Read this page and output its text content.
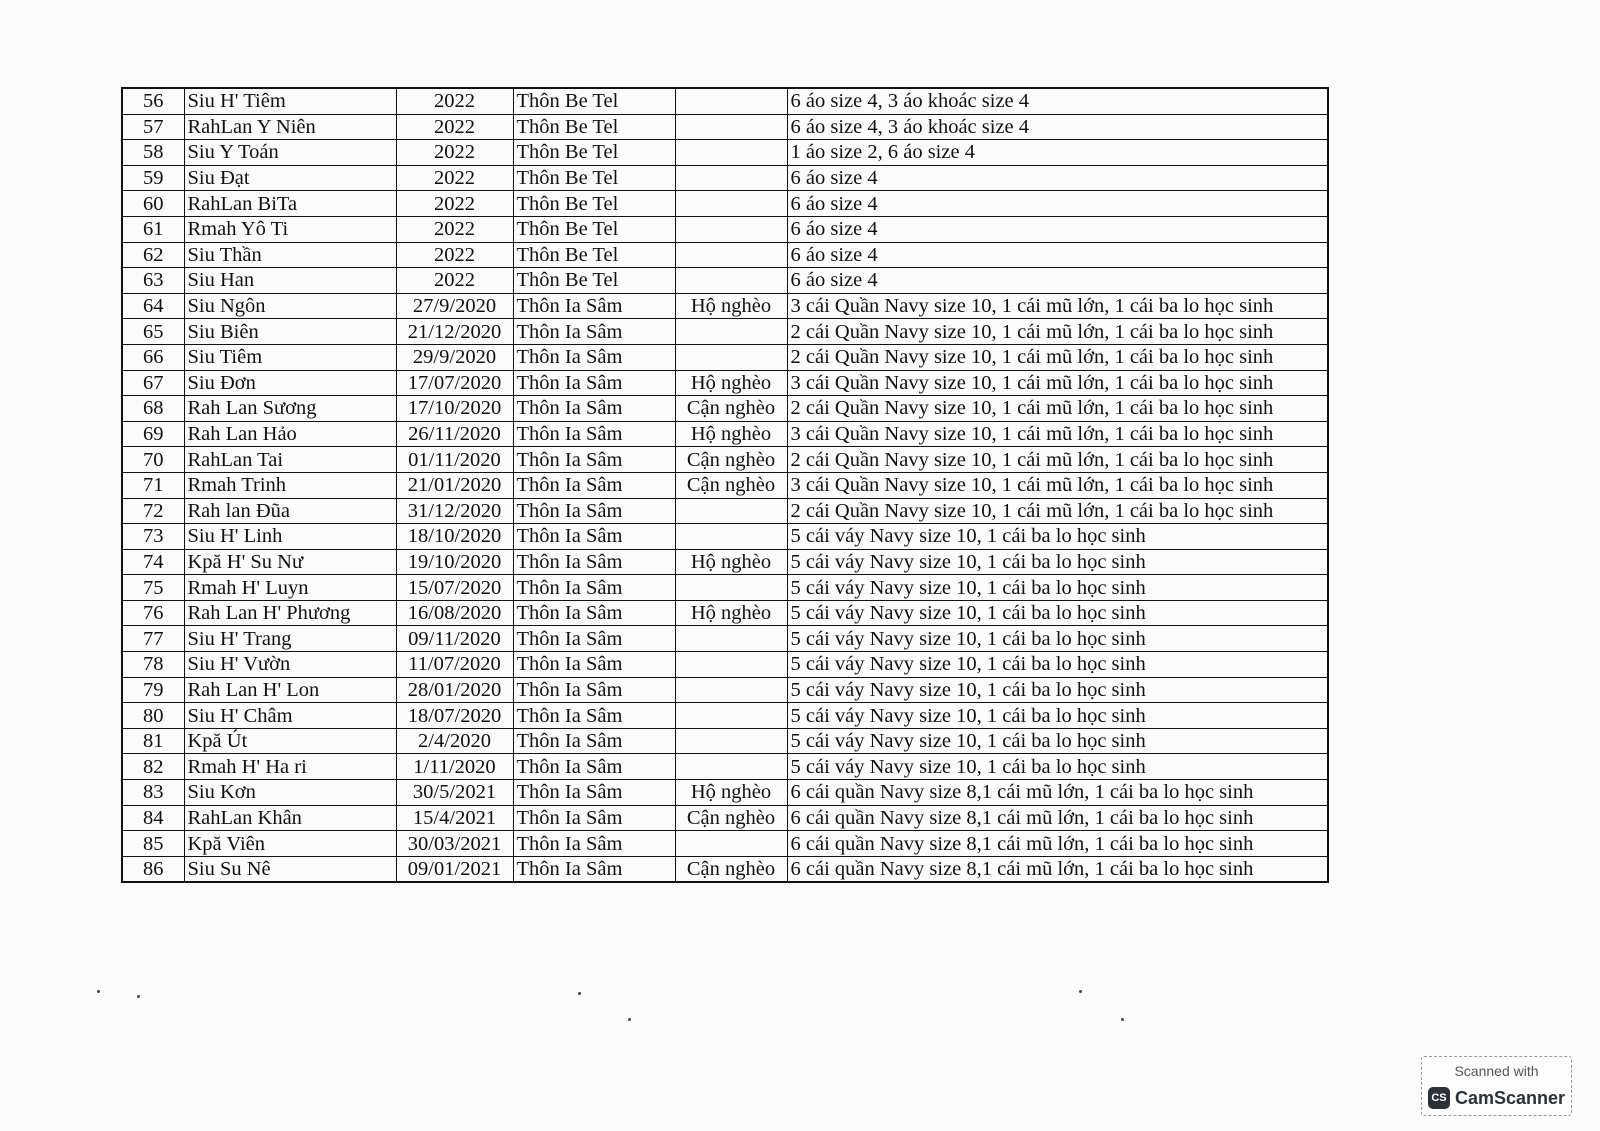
56	Siu H' Tiêm	2022	Thôn Be Tel		6 áo size 4, 3 áo khoác size 4
57	RahLan Y Niên	2022	Thôn Be Tel		6 áo size 4, 3 áo khoác size 4
58	Siu Y Toán	2022	Thôn Be Tel		1 áo size 2, 6 áo size 4
59	Siu Đạt	2022	Thôn Be Tel		6 áo size 4
60	RahLan BiTa	2022	Thôn Be Tel		6 áo size 4
61	Rmah Yô Ti	2022	Thôn Be Tel		6 áo size 4
62	Siu Thần	2022	Thôn Be Tel		6 áo size 4
63	Siu Han	2022	Thôn Be Tel		6 áo size 4
64	Siu Ngôn	27/9/2020	Thôn Ia Sâm	Hộ nghèo	3 cái Quần Navy size 10, 1 cái mũ lớn, 1 cái ba lo học sinh
65	Siu Biên	21/12/2020	Thôn Ia Sâm		2 cái Quần Navy size 10, 1 cái mũ lớn, 1 cái ba lo học sinh
66	Siu Tiêm	29/9/2020	Thôn Ia Sâm		2 cái Quần Navy size 10, 1 cái mũ lớn, 1 cái ba lo học sinh
67	Siu Đơn	17/07/2020	Thôn Ia Sâm	Hộ nghèo	3 cái Quần Navy size 10, 1 cái mũ lớn, 1 cái ba lo học sinh
68	Rah Lan Sương	17/10/2020	Thôn Ia Sâm	Cận nghèo	2 cái Quần Navy size 10, 1 cái mũ lớn, 1 cái ba lo học sinh
69	Rah Lan Hảo	26/11/2020	Thôn Ia Sâm	Hộ nghèo	3 cái Quần Navy size 10, 1 cái mũ lớn, 1 cái ba lo học sinh
70	RahLan Tai	01/11/2020	Thôn Ia Sâm	Cận nghèo	2 cái Quần Navy size 10, 1 cái mũ lớn, 1 cái ba lo học sinh
71	Rmah Trinh	21/01/2020	Thôn Ia Sâm	Cận nghèo	3 cái Quần Navy size 10, 1 cái mũ lớn, 1 cái ba lo học sinh
72	Rah lan Đũa	31/12/2020	Thôn Ia Sâm		2 cái Quần Navy size 10, 1 cái mũ lớn, 1 cái ba lo học sinh
73	Siu H' Linh	18/10/2020	Thôn Ia Sâm		5 cái váy Navy size 10, 1 cái ba lo học sinh
74	Kpă H' Su Nư	19/10/2020	Thôn Ia Sâm	Hộ nghèo	5 cái váy Navy size 10, 1 cái ba lo học sinh
75	Rmah H' Luyn	15/07/2020	Thôn Ia Sâm		5 cái váy Navy size 10, 1 cái ba lo học sinh
76	Rah Lan H' Phương	16/08/2020	Thôn Ia Sâm	Hộ nghèo	5 cái váy Navy size 10, 1 cái ba lo học sinh
77	Siu H' Trang	09/11/2020	Thôn Ia Sâm		5 cái váy Navy size 10, 1 cái ba lo học sinh
78	Siu H' Vườn	11/07/2020	Thôn Ia Sâm		5 cái váy Navy size 10, 1 cái ba lo học sinh
79	Rah Lan H' Lon	28/01/2020	Thôn Ia Sâm		5 cái váy Navy size 10, 1 cái ba lo học sinh
80	Siu H' Châm	18/07/2020	Thôn Ia Sâm		5 cái váy Navy size 10, 1 cái ba lo học sinh
81	Kpă Út	2/4/2020	Thôn Ia Sâm		5 cái váy Navy size 10, 1 cái ba lo học sinh
82	Rmah H' Ha ri	1/11/2020	Thôn Ia Sâm		5 cái váy Navy size 10, 1 cái ba lo học sinh
83	Siu Kơn	30/5/2021	Thôn Ia Sâm	Hộ nghèo	6 cái quần Navy size 8,1 cái mũ lớn, 1 cái ba lo học sinh
84	RahLan Khân	15/4/2021	Thôn Ia Sâm	Cận nghèo	6 cái quần Navy size 8,1 cái mũ lớn, 1 cái ba lo học sinh
85	Kpă Viên	30/03/2021	Thôn Ia Sâm		6 cái quần Navy size 8,1 cái mũ lớn, 1 cái ba lo học sinh
86	Siu Su Nê	09/01/2021	Thôn Ia Sâm	Cận nghèo	6 cái quần Navy size 8,1 cái mũ lớn, 1 cái ba lo học sinh
Scanned with
CS CamScanner
